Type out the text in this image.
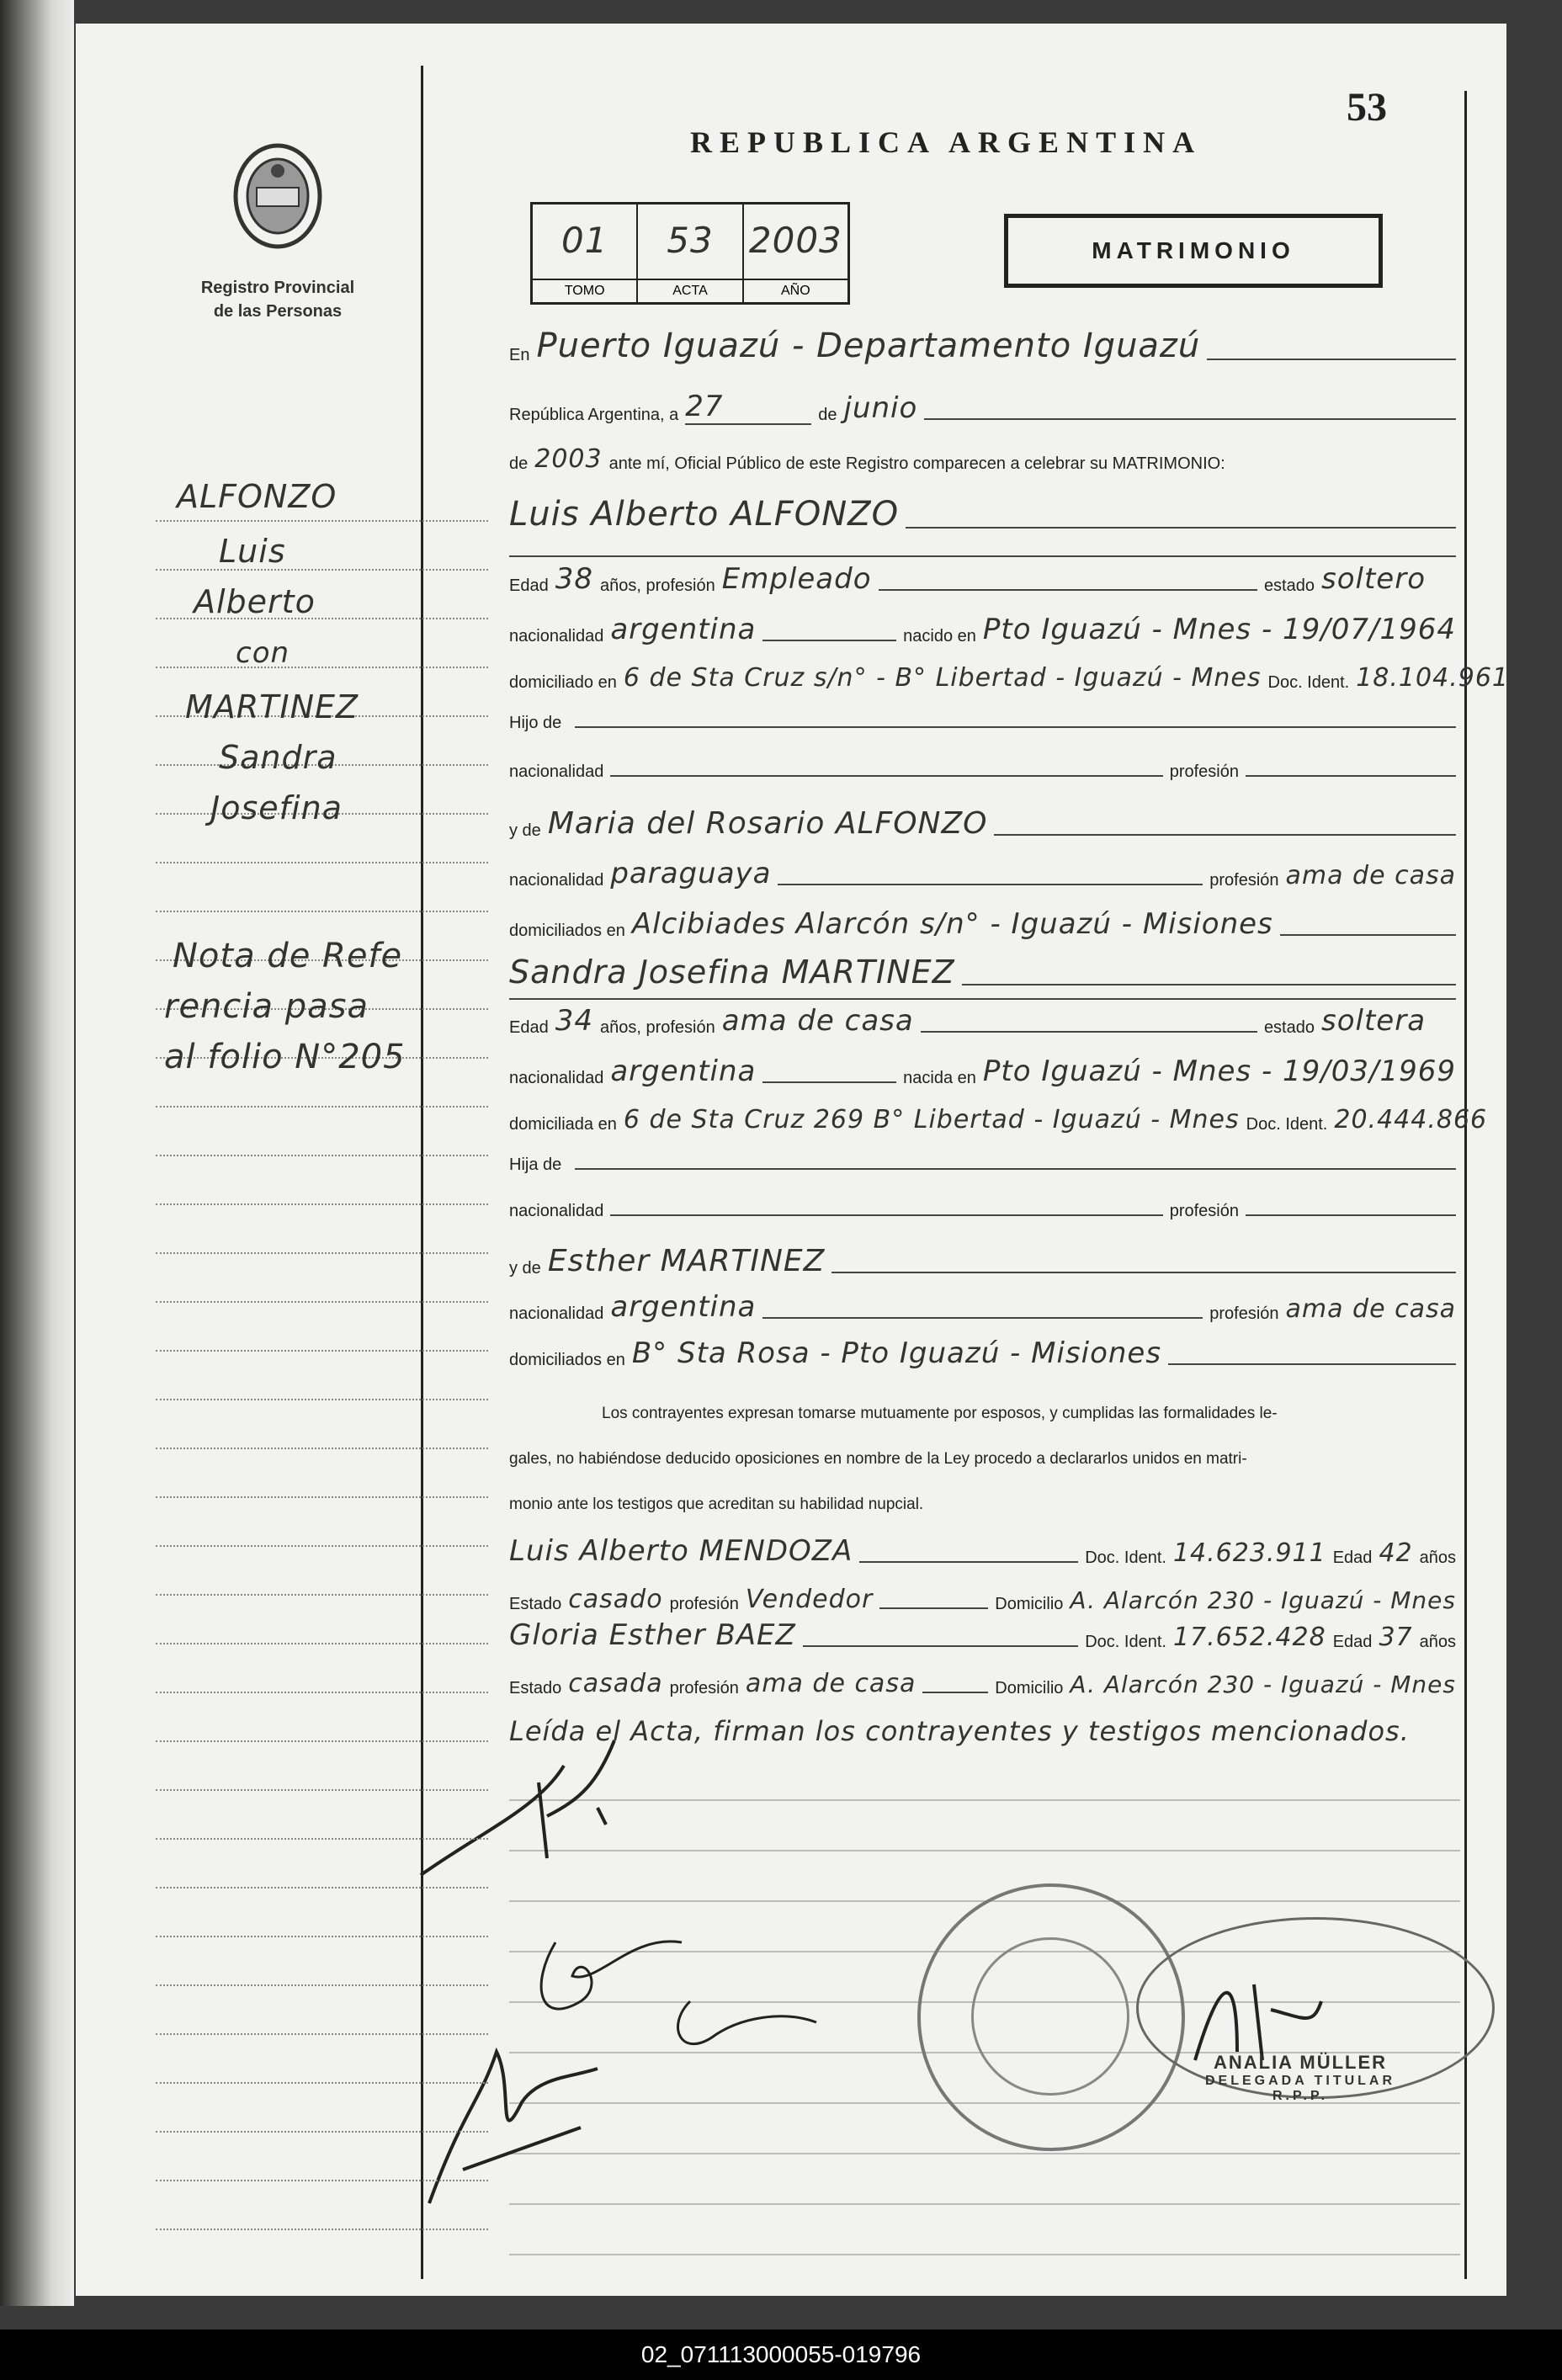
Registro Provincial
de las Personas
REPUBLICA ARGENTINA
53
01
TOMO
53
ACTA
2003
AÑO
MATRIMONIO
En Puerto Iguazú - Departamento Iguazú
República Argentina, a 27	de junio
de 2003 ante mí, Oficial Público de este Registro comparecen a celebrar su MATRIMONIO:
Luis Alberto ALFONZO
Edad 38 años, profesión Empleado	estado soltero
nacionalidad argentina	nacido en Pto Iguazú - Mnes - 19/07/1964
domiciliado en 6 de Sta Cruz s/n° - B° Libertad - Iguazú - Mnes Doc. Ident. 18.104.961
Hijo de
nacionalidad	profesión
y de Maria del Rosario ALFONZO
nacionalidad paraguaya	profesión ama de casa
domiciliados en Alcibiades Alarcón s/n° - Iguazú - Misiones
Sandra Josefina MARTINEZ
Edad 34 años, profesión ama de casa	estado soltera
nacionalidad argentina	nacida en Pto Iguazú - Mnes - 19/03/1969
domiciliada en 6 de Sta Cruz 269 B° Libertad - Iguazú - Mnes Doc. Ident. 20.444.866
Hija de
nacionalidad	profesión
y de Esther MARTINEZ
nacionalidad argentina	profesión ama de casa
domiciliados en B° Sta Rosa - Pto Iguazú - Misiones
Los contrayentes expresan tomarse mutuamente por esposos, y cumplidas las formalidades le-
gales, no habiéndose deducido oposiciones en nombre de la Ley procedo a declararlos unidos en matri-
monio ante los testigos que acreditan su habilidad nupcial.
Luis Alberto MENDOZA	Doc. Ident. 14.623.911 Edad 42 años
Estado casado profesión Vendedor	Domicilio A. Alarcón 230 - Iguazú - Mnes
Gloria Esther BAEZ	Doc. Ident. 17.652.428 Edad 37 años
Estado casada profesión ama de casa	Domicilio A. Alarcón 230 - Iguazú - Mnes
Leída el Acta, firman los contrayentes y testigos mencionados.
ANALIA MÜLLER
DELEGADA TITULAR
R.P.P.
ALFONZO
Luis
Alberto
con
MARTINEZ
Sandra
Josefina
Nota de Refe
rencia pasa
al folio N°205
02_071113000055-019796
